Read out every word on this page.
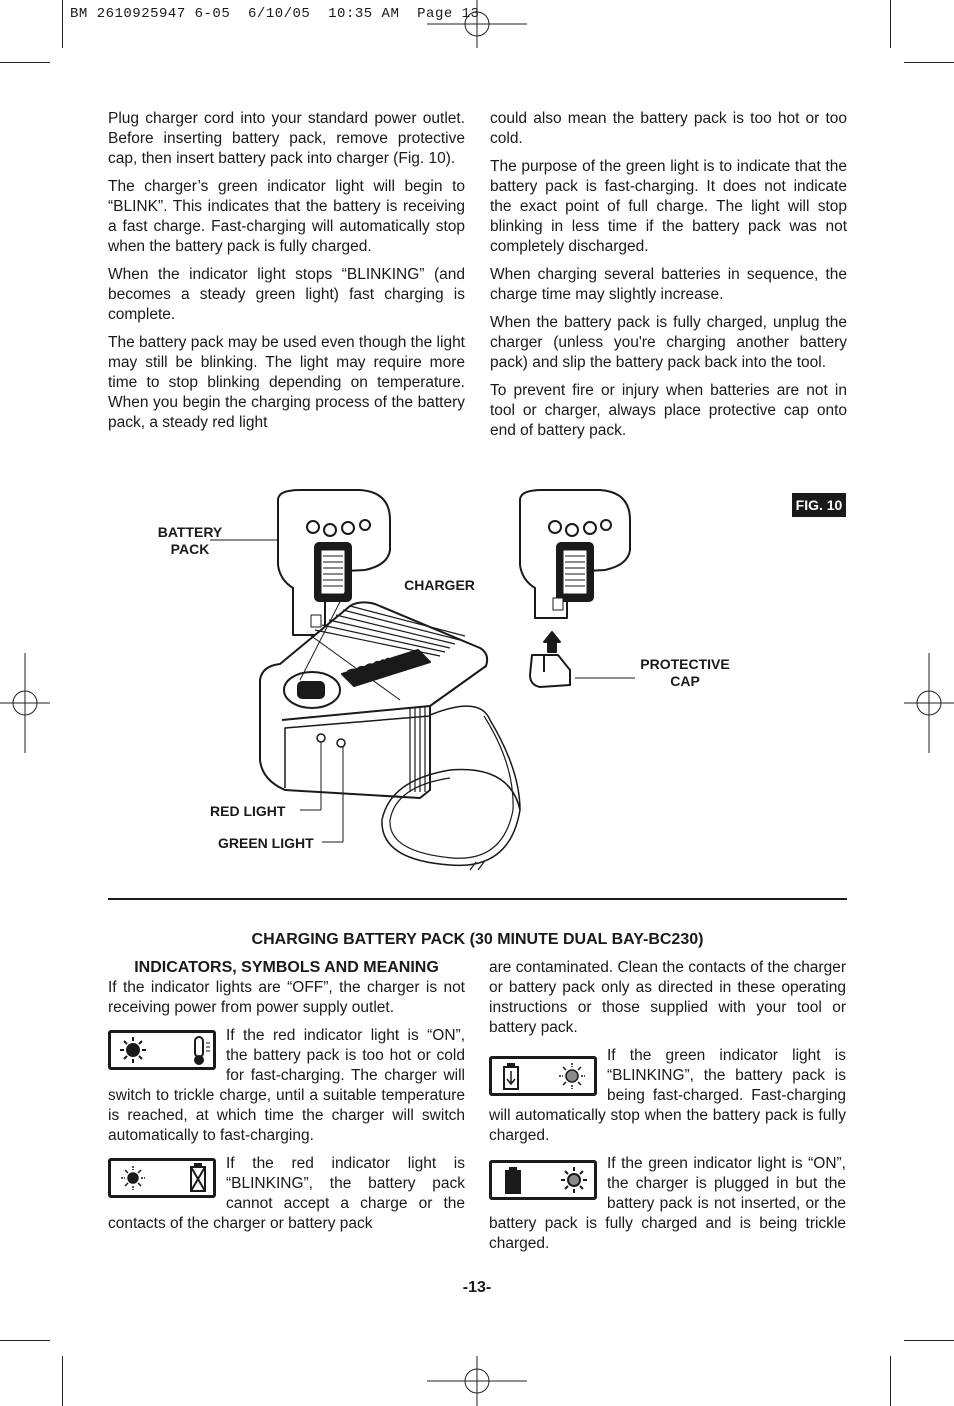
BM 2610925947 6-05  6/10/05  10:35 AM  Page 13

Plug charger cord into your standard power outlet. Before inserting battery pack, remove protective cap, then insert battery pack into charger (Fig. 10).

The charger’s green indicator light will begin to “BLINK”. This indicates that the battery is receiving a fast charge. Fast-charging will automatically stop when the battery pack is fully charged.

When the indicator light stops “BLINKING” (and becomes a steady green light) fast charging is complete.

The battery pack may be used even though the light may still be blinking. The light may require more time to stop blinking depending on temperature. When you begin the charging process of the battery pack, a steady red light

could also mean the battery pack is too hot or too cold.

The purpose of the green light is to indicate that the battery pack is fast-charging. It does not indicate the exact point of full charge. The light will stop blinking in less time if the battery pack was not completely discharged.

When charging several batteries in sequence, the charge time may slightly increase.

When the battery pack is fully charged, unplug the charger (unless you're charging another battery pack) and slip the battery pack back into the tool.

To prevent fire or injury when batteries are not in tool or charger, always place protective cap onto end of battery pack.

FIG. 10
BOSCH
BATTERY
PACK
CHARGER
PROTECTIVE
CAP
RED LIGHT
GREEN LIGHT
CHARGING BATTERY PACK (30 MINUTE DUAL BAY-BC230)
INDICATORS, SYMBOLS AND MEANING

If the indicator lights are “OFF”, the charger is not receiving power from power supply outlet.

If the red indicator light is “ON”, the battery pack is too hot or cold for fast-charging. The charger will switch to trickle charge, until a suitable temperature is reached, at which time the charger will switch automatically to fast-charging.

If the red indicator light is “BLINKING”, the battery pack cannot accept a charge or the contacts of the charger or battery pack

are contaminated. Clean the contacts of the charger or battery pack only as directed in these operating instructions or those supplied with your tool or battery pack.

If the green indicator light is “BLINKING”, the battery pack is being fast-charged. Fast-charging will automatically stop when the battery pack is fully charged.

If the green indicator light is “ON”, the charger is plugged in but the battery pack is not inserted, or the battery pack is fully charged and is being trickle charged.

-13-
